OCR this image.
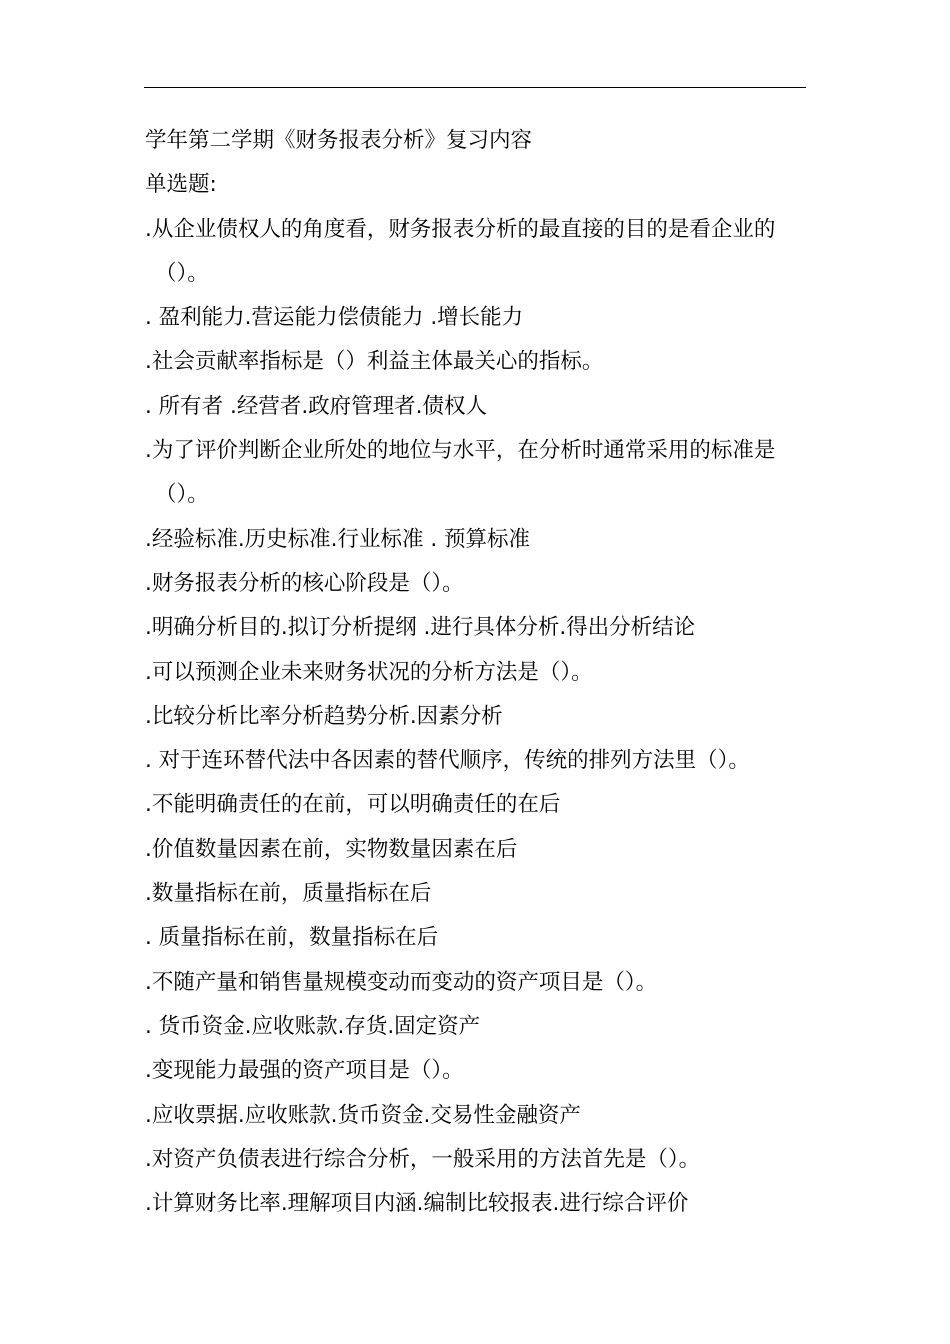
学年第二学期《财务报表分析》复习内容
单选题:
.从企业债权人的角度看，财务报表分析的最直接的目的是看企业的
（）。
. 盈利能力.营运能力偿债能力 .增长能力
.社会贡献率指标是（）利益主体最关心的指标。
. 所有者 .经营者.政府管理者.债权人
.为了评价判断企业所处的地位与水平，在分析时通常采用的标准是
（）。
.经验标准.历史标准.行业标准 . 预算标准
.财务报表分析的核心阶段是（）。
.明确分析目的.拟订分析提纲 .进行具体分析.得出分析结论
.可以预测企业未来财务状况的分析方法是（）。
.比较分析比率分析趋势分析.因素分析
. 对于连环替代法中各因素的替代顺序，传统的排列方法里（）。
.不能明确责任的在前，可以明确责任的在后
.价值数量因素在前，实物数量因素在后
.数量指标在前，质量指标在后
. 质量指标在前，数量指标在后
.不随产量和销售量规模变动而变动的资产项目是（）。
. 货币资金.应收账款.存货.固定资产
.变现能力最强的资产项目是（）。
.应收票据.应收账款.货币资金.交易性金融资产
.对资产负债表进行综合分析，一般采用的方法首先是（）。
.计算财务比率.理解项目内涵.编制比较报表.进行综合评价
